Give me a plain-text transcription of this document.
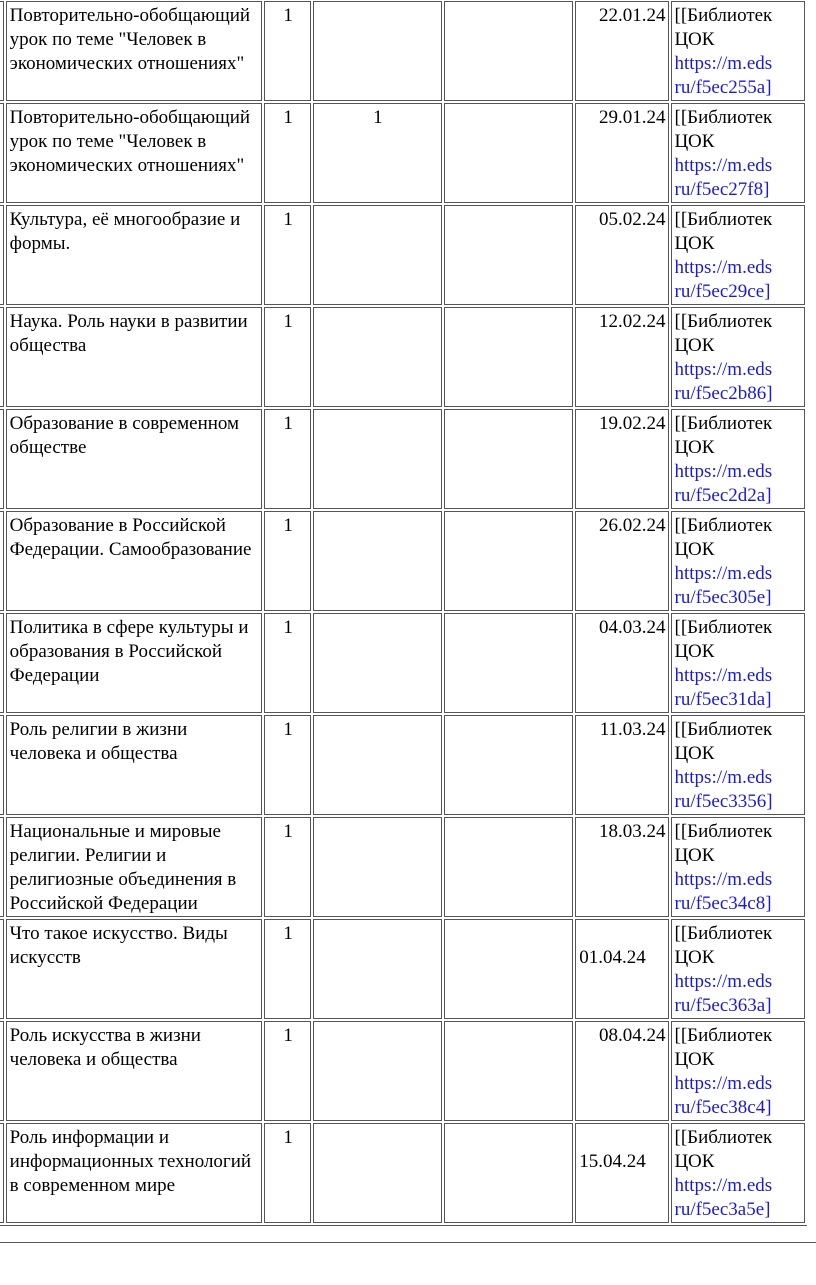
	Повторительно-обобщающий урок по теме "Человек в экономических отношениях"	1			22.01.24	[[Библиотек
ЦОК
https://m.eds
ru/f5ec255a]

	Повторительно-обобщающий урок по теме "Человек в экономических отношениях"	1	1		29.01.24	[[Библиотек
ЦОК
https://m.eds
ru/f5ec27f8]

	Культура, её многообразие и формы.	1			05.02.24	[[Библиотек
ЦОК
https://m.eds
ru/f5ec29ce]

	Наука. Роль науки в развитии общества	1			12.02.24	[[Библиотек
ЦОК
https://m.eds
ru/f5ec2b86]

	Образование в современном обществе	1			19.02.24	[[Библиотек
ЦОК
https://m.eds
ru/f5ec2d2a]

	Образование в Российской Федерации. Самообразование	1			26.02.24	[[Библиотек
ЦОК
https://m.eds
ru/f5ec305e]

	Политика в сфере культуры и образования в Российской Федерации	1			04.03.24	[[Библиотек
ЦОК
https://m.eds
ru/f5ec31da]

	Роль религии в жизни человека и общества	1			11.03.24	[[Библиотек
ЦОК
https://m.eds
ru/f5ec3356]

	Национальные и мировые религии. Религии и религиозные объединения в Российской Федерации	1			18.03.24	[[Библиотек
ЦОК
https://m.eds
ru/f5ec34c8]

	Что такое искусство. Виды искусств	1			01.04.24	[[Библиотек
ЦОК
https://m.eds
ru/f5ec363a]

	Роль искусства в жизни человека и общества	1			08.04.24	[[Библиотек
ЦОК
https://m.eds
ru/f5ec38c4]

	Роль информации и информационных технологий в современном мире	1			15.04.24	[[Библиотек
ЦОК
https://m.eds
ru/f5ec3a5e]
